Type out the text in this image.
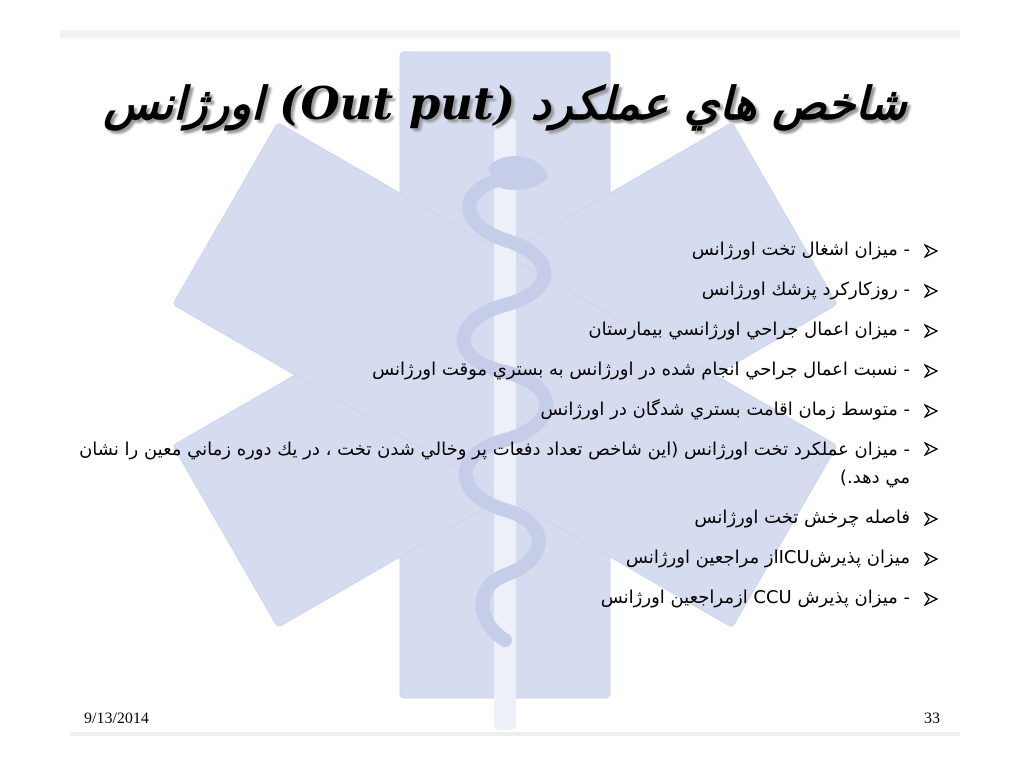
شاخص هاي عملكرد (Out put) اورژانس
- ميزان اشغال تخت اورژانس
- روزكاركرد پزشك اورژانس
- ميزان اعمال جراحي اورژانسي بيمارستان
- نسبت اعمال جراحي انجام شده در اورژانس به بستري موقت اورژانس
- متوسط زمان اقامت بستري شدگان در اورژانس
- ميزان عملكرد تخت اورژانس (اين شاخص تعداد دفعات پر وخالي شدن تخت ، در يك دوره زماني معين را نشان مي دهد.)
فاصله چرخش تخت اورژانس
ميزان پذيرشICUاز مراجعين اورژانس
- ميزان پذيرش CCU ازمراجعين اورژانس
9/13/2014	33
